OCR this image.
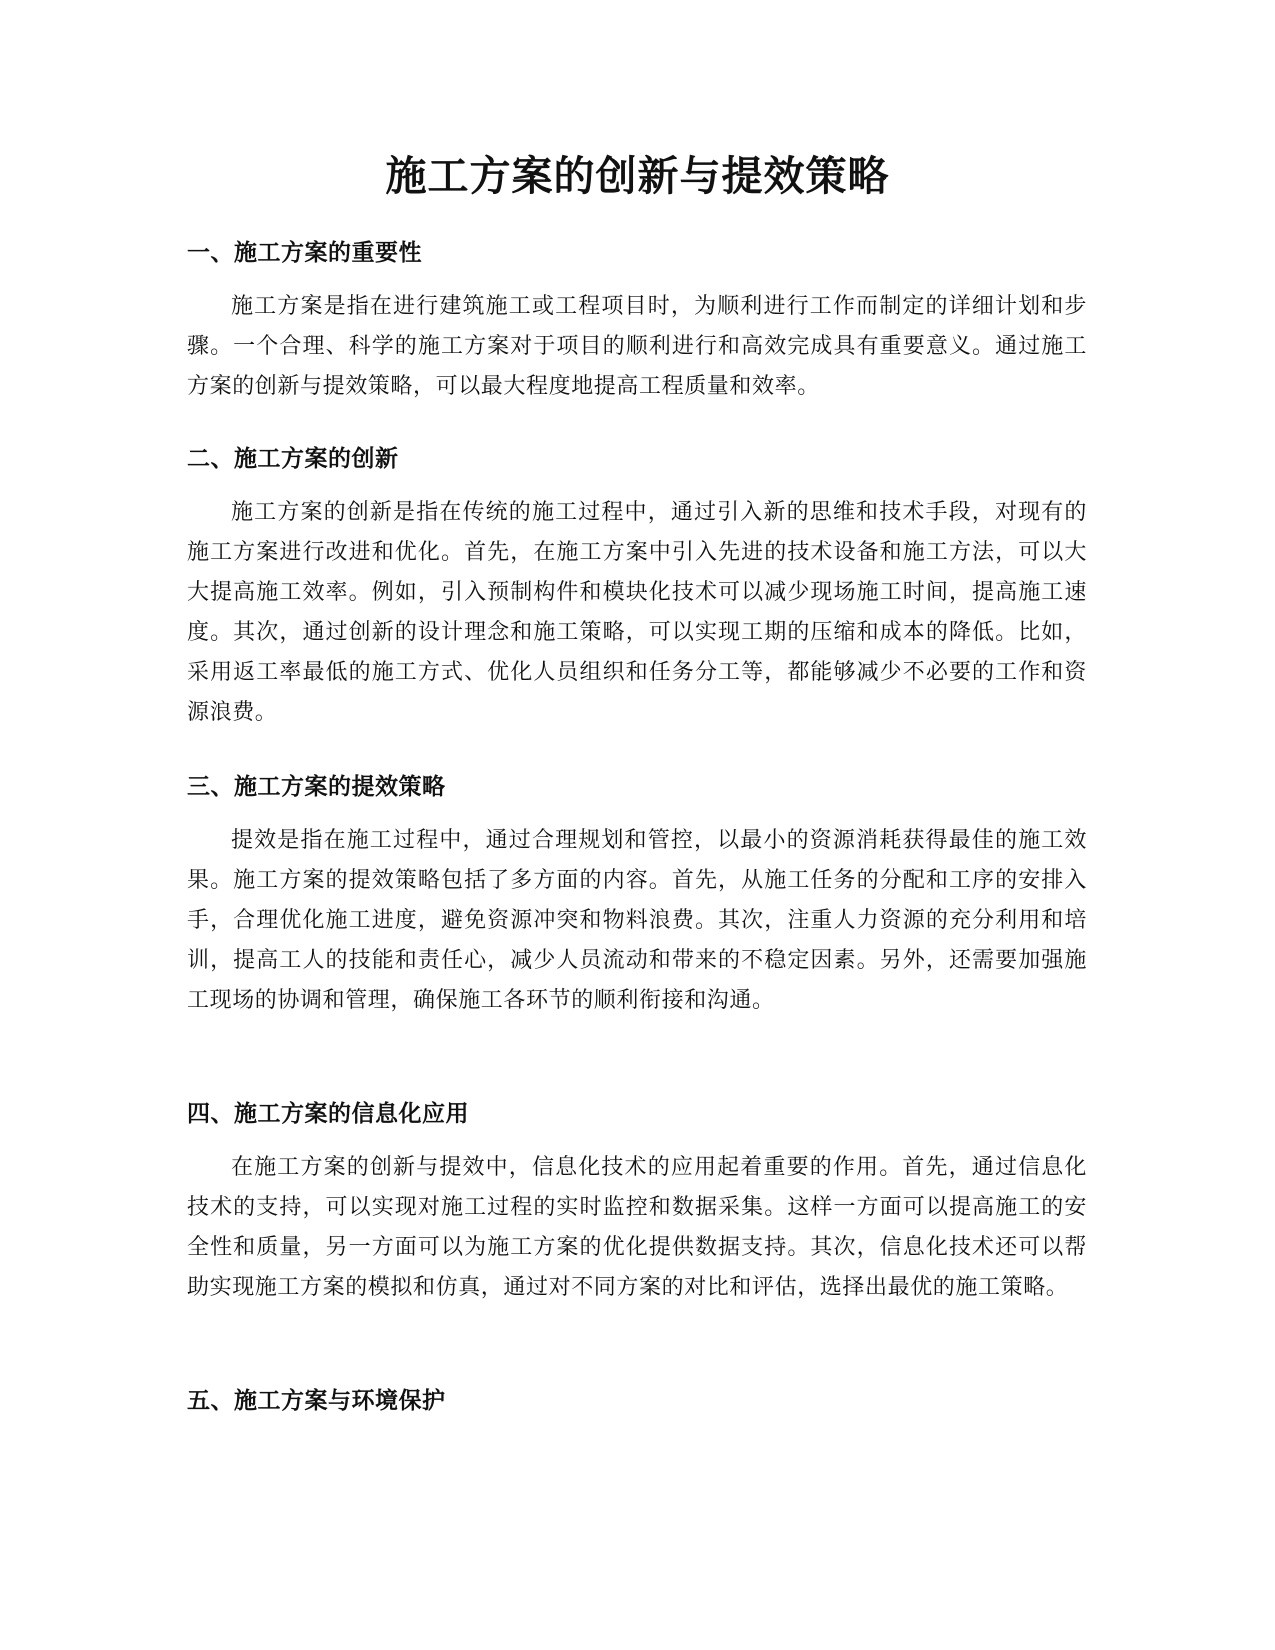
施工方案的创新与提效策略
一、施工方案的重要性

施工方案是指在进行建筑施工或工程项目时，为顺利进行工作而制定的详细计划和步骤。一个合理、科学的施工方案对于项目的顺利进行和高效完成具有重要意义。通过施工方案的创新与提效策略，可以最大程度地提高工程质量和效率。

二、施工方案的创新

施工方案的创新是指在传统的施工过程中，通过引入新的思维和技术手段，对现有的施工方案进行改进和优化。首先，在施工方案中引入先进的技术设备和施工方法，可以大大提高施工效率。例如，引入预制构件和模块化技术可以减少现场施工时间，提高施工速度。其次，通过创新的设计理念和施工策略，可以实现工期的压缩和成本的降低。比如，采用返工率最低的施工方式、优化人员组织和任务分工等，都能够减少不必要的工作和资源浪费。

三、施工方案的提效策略

提效是指在施工过程中，通过合理规划和管控，以最小的资源消耗获得最佳的施工效果。施工方案的提效策略包括了多方面的内容。首先，从施工任务的分配和工序的安排入手，合理优化施工进度，避免资源冲突和物料浪费。其次，注重人力资源的充分利用和培训，提高工人的技能和责任心，减少人员流动和带来的不稳定因素。另外，还需要加强施工现场的协调和管理，确保施工各环节的顺利衔接和沟通。

四、施工方案的信息化应用

在施工方案的创新与提效中，信息化技术的应用起着重要的作用。首先，通过信息化技术的支持，可以实现对施工过程的实时监控和数据采集。这样一方面可以提高施工的安全性和质量，另一方面可以为施工方案的优化提供数据支持。其次，信息化技术还可以帮助实现施工方案的模拟和仿真，通过对不同方案的对比和评估，选择出最优的施工策略。

五、施工方案与环境保护
